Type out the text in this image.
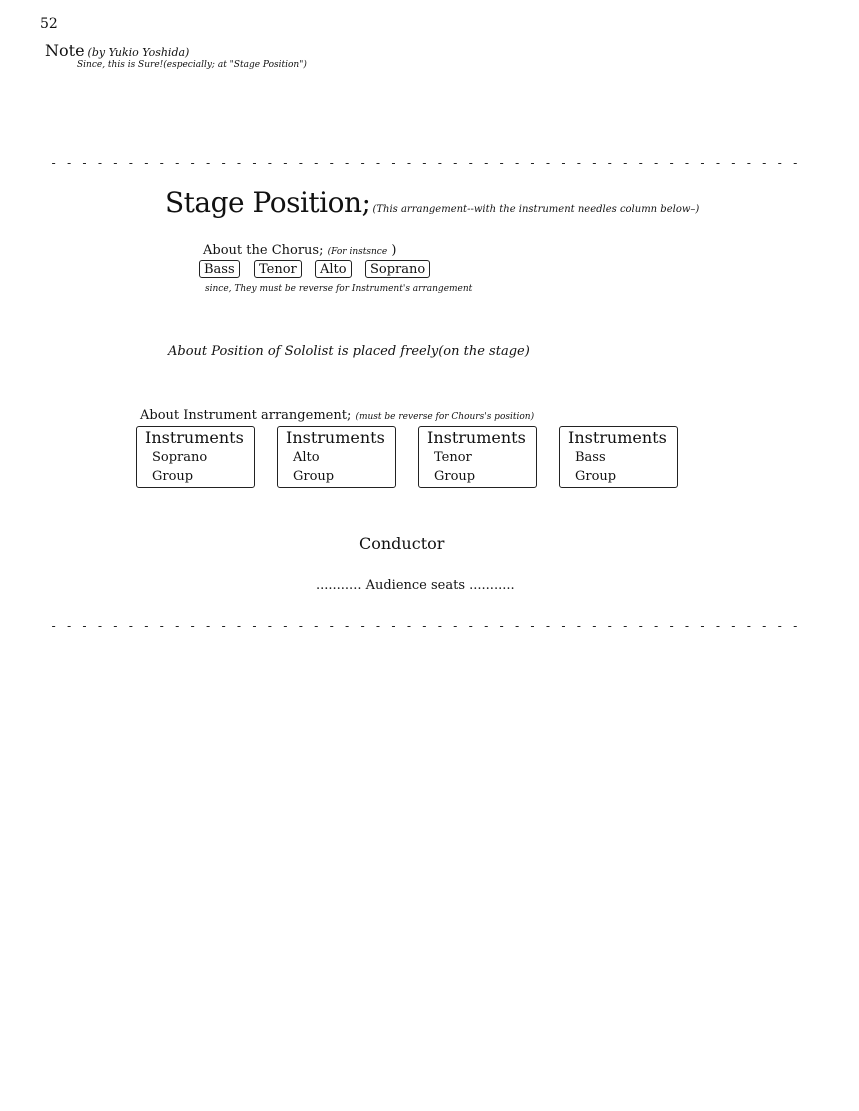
52
Note (by Yukio Yoshida)
Since, this is Sure!(especially; at "Stage Position")
- - - - - - - - - - - - - - - - - - - - - - - - - - - - - - - - - - - - - - - - - - - - - - - - -
Stage Position; (This arrangement--with the instrument needles column below–)
About the Chorus; (For instsnce )
Bass	Tenor	Alto	Soprano
since, They must be reverse for Instrument's arrangement
About Position of Sololist is placed freely(on the stage)
About Instrument arrangement; (must be reverse for Chours's position)
Instruments
Soprano
Group
Instruments
Alto
Group
Instruments
Tenor
Group
Instruments
Bass
Group
Conductor
........... Audience seats ...........
- - - - - - - - - - - - - - - - - - - - - - - - - - - - - - - - - - - - - - - - - - - - - - - - -
